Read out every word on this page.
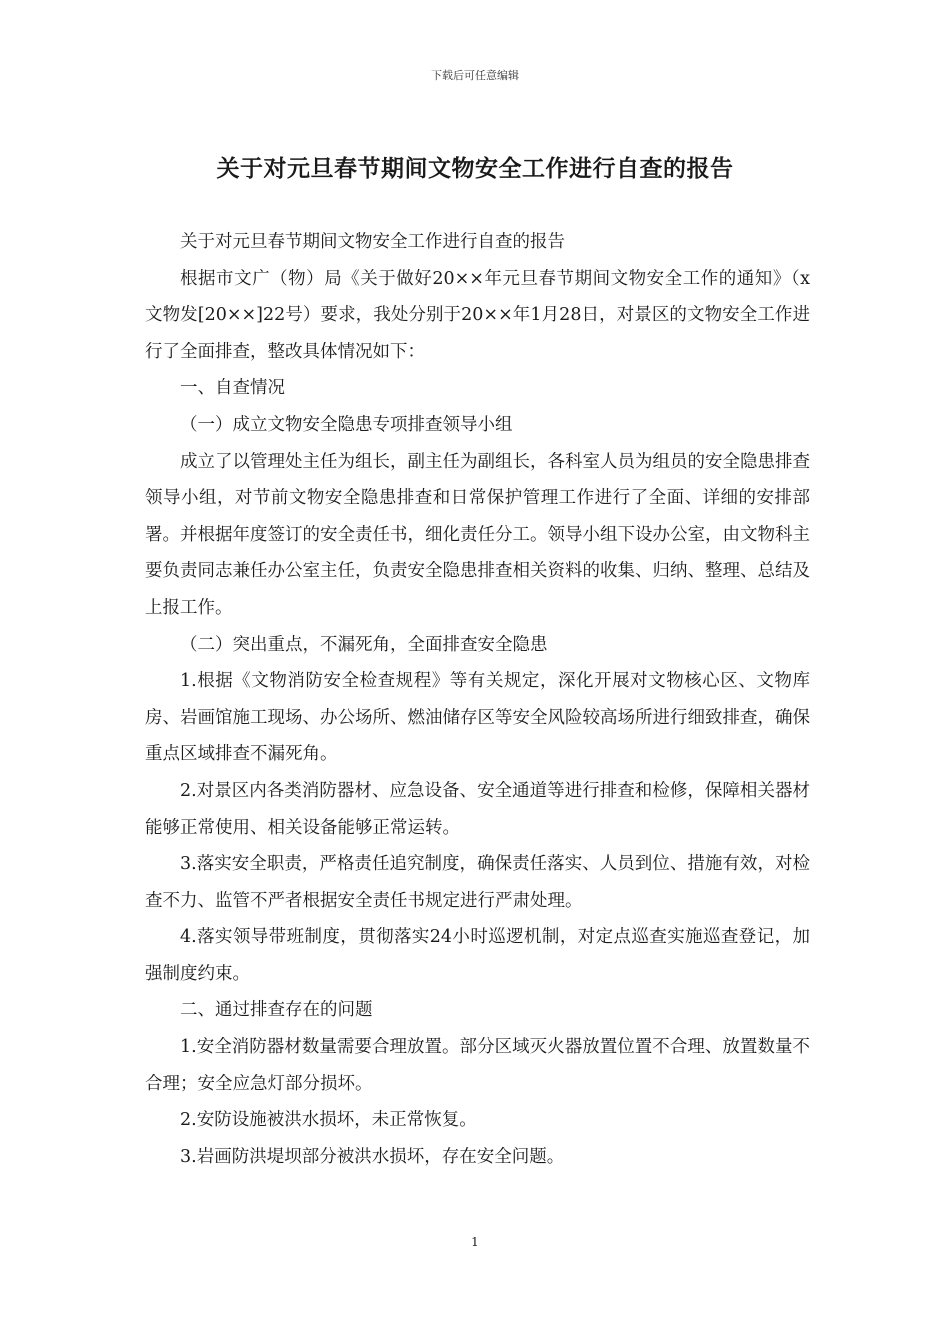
下载后可任意编辑
关于对元旦春节期间文物安全工作进行自查的报告

关于对元旦春节期间文物安全工作进行自查的报告

根据市文广（物）局《关于做好20××年元旦春节期间文物安全工作的通知》（x文物发[20××]22号）要求，我处分别于20××年1月28日，对景区的文物安全工作进行了全面排查，整改具体情况如下：

一、自查情况

（一）成立文物安全隐患专项排查领导小组

成立了以管理处主任为组长，副主任为副组长，各科室人员为组员的安全隐患排查领导小组，对节前文物安全隐患排查和日常保护管理工作进行了全面、详细的安排部署。并根据年度签订的安全责任书，细化责任分工。领导小组下设办公室，由文物科主要负责同志兼任办公室主任，负责安全隐患排查相关资料的收集、归纳、整理、总结及上报工作。

（二）突出重点，不漏死角，全面排查安全隐患

1.根据《文物消防安全检查规程》等有关规定，深化开展对文物核心区、文物库房、岩画馆施工现场、办公场所、燃油储存区等安全风险较高场所进行细致排查，确保重点区域排查不漏死角。

2.对景区内各类消防器材、应急设备、安全通道等进行排查和检修，保障相关器材能够正常使用、相关设备能够正常运转。

3.落实安全职责，严格责任追究制度，确保责任落实、人员到位、措施有效，对检查不力、监管不严者根据安全责任书规定进行严肃处理。

4.落实领导带班制度，贯彻落实24小时巡逻机制，对定点巡查实施巡查登记，加强制度约束。

二、通过排查存在的问题

1.安全消防器材数量需要合理放置。部分区域灭火器放置位置不合理、放置数量不合理；安全应急灯部分损坏。

2.安防设施被洪水损坏，未正常恢复。

3.岩画防洪堤坝部分被洪水损坏，存在安全问题。

1
